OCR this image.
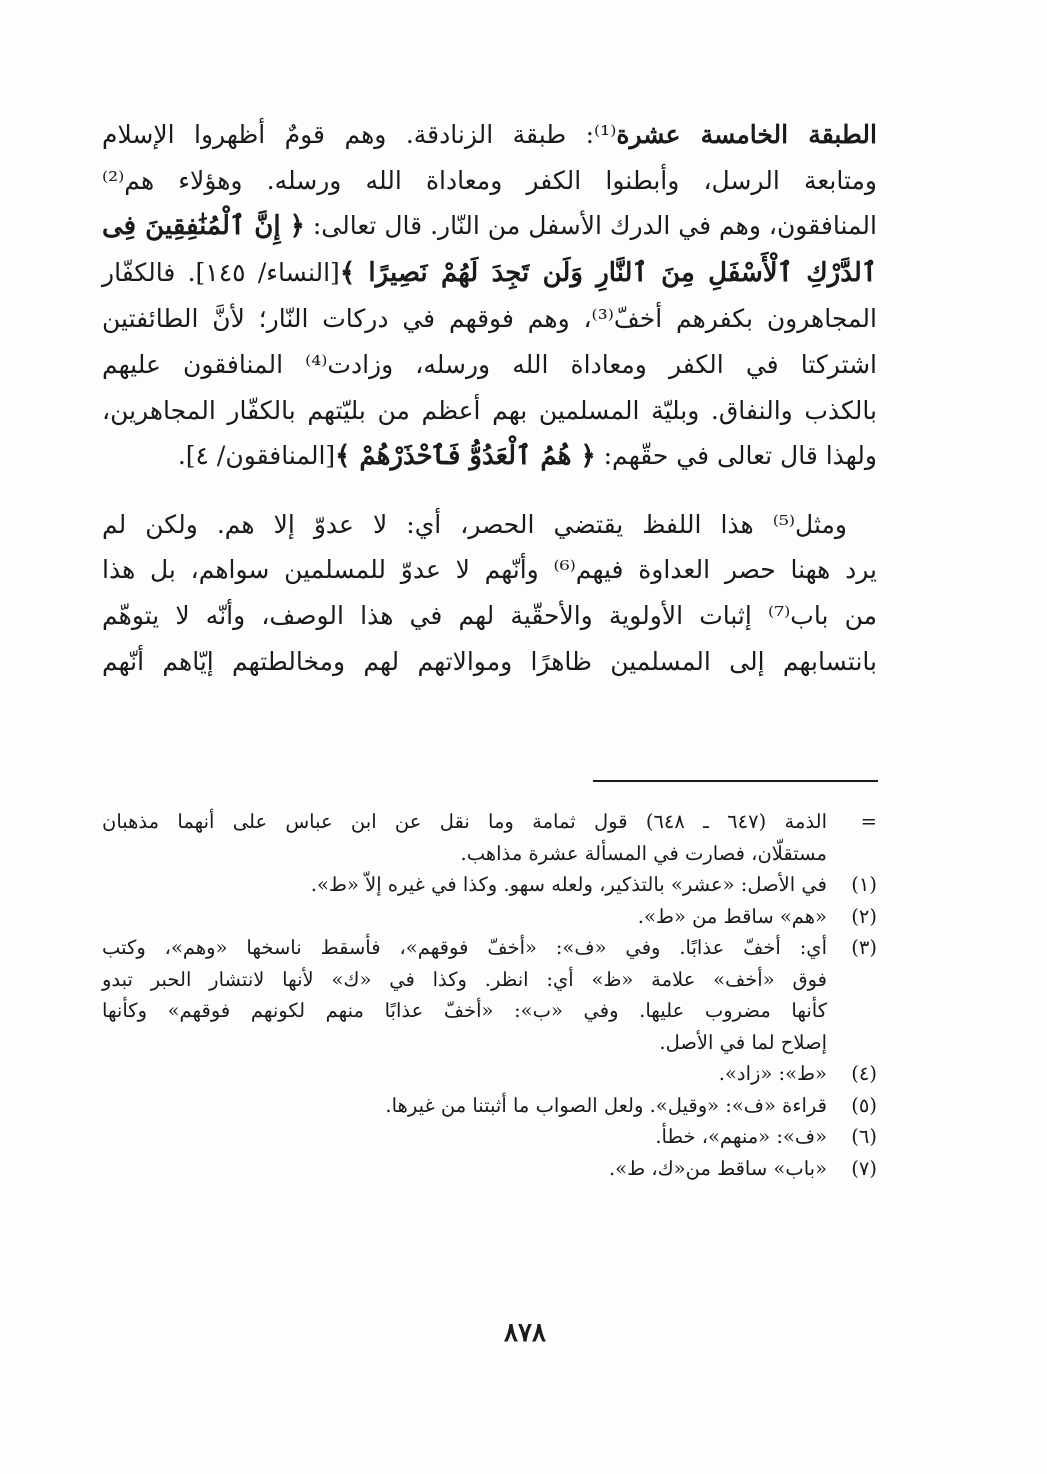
الطبقة الخامسة عشرة⁽¹⁾: طبقة الزنادقة. وهم قومٌ أظهروا الإسلام
ومتابعة الرسل، وأبطنوا الكفر ومعاداة الله ورسله. وهؤلاء هم⁽²⁾
المنافقون، وهم في الدرك الأسفل من النّار. قال تعالى: ﴿ إِنَّ ٱلْمُنَٰفِقِينَ فِى
ٱلدَّرْكِ ٱلْأَسْفَلِ مِنَ ٱلنَّارِ وَلَن تَجِدَ لَهُمْ نَصِيرًا ﴾[النساء/ ١٤٥]. فالكفّار
المجاهرون بكفرهم أخفّ⁽³⁾، وهم فوقهم في دركات النّار؛ لأنَّ الطائفتين
اشتركتا في الكفر ومعاداة الله ورسله، وزادت⁽⁴⁾ المنافقون عليهم
بالكذب والنفاق. وبليّة المسلمين بهم أعظم من بليّتهم بالكفّار المجاهرين،
ولهذا قال تعالى في حقّهم: ﴿ هُمُ ٱلْعَدُوُّ فَٱحْذَرْهُمْ ﴾[المنافقون/ ٤].
ومثل⁽⁵⁾ هذا اللفظ يقتضي الحصر، أي: لا عدوّ إلا هم. ولكن لم
يرد ههنا حصر العداوة فيهم⁽⁶⁾ وأنّهم لا عدوّ للمسلمين سواهم، بل هذا
من باب⁽⁷⁾ إثبات الأولوية والأحقّية لهم في هذا الوصف، وأنّه لا يتوهّم
بانتسابهم إلى المسلمين ظاهرًا وموالاتهم لهم ومخالطتهم إيّاهم أنّهم
=
الذمة (٦٤٧ ـ ٦٤٨) قول ثمامة وما نقل عن ابن عباس على أنهما مذهبان
مستقلّان، فصارت في المسألة عشرة مذاهب.
(١)
في الأصل: «عشر» بالتذكير، ولعله سهو. وكذا في غيره إلاّ «ط».
(٢)
«هم» ساقط من «ط».
(٣)
أي: أخفّ عذابًا. وفي «ف»: «أخفّ فوقهم»، فأسقط ناسخها «وهم»، وكتب
فوق «أخف» علامة «ظ» أي: انظر. وكذا في «ك» لأنها لانتشار الحبر تبدو
كأنها مضروب عليها. وفي «ب»: «أخفّ عذابًا منهم لكونهم فوقهم» وكأنها
إصلاح لما في الأصل.
(٤)
«ط»: «زاد».
(٥)
قراءة «ف»: «وقيل». ولعل الصواب ما أثبتنا من غيرها.
(٦)
«ف»: «منهم»، خطأ.
(٧)
«باب» ساقط من«ك، ط».
٨٧٨
